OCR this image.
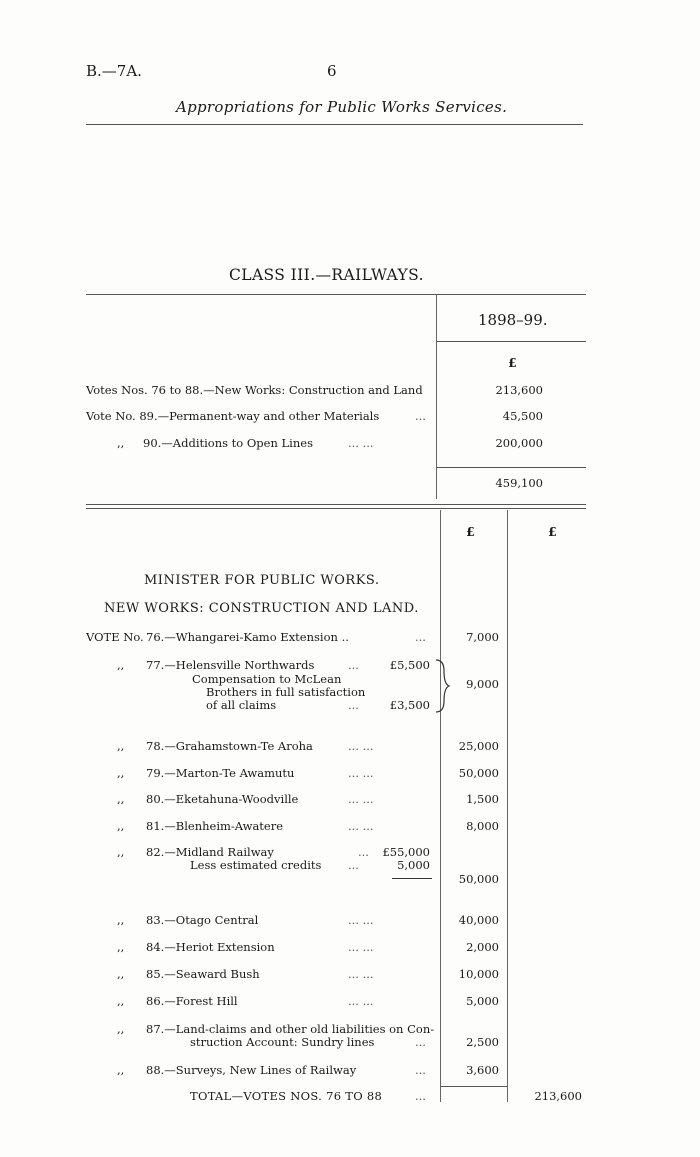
B.—7A.	6
Appropriations for Public Works Services.
CLASS III.—RAILWAYS.
1898–99.
£
Votes Nos. 76 to 88.—New Works: Construction and Land	213,600
Vote No. 89.—Permanent-way and other Materials	...	45,500
,, 90.—Additions to Open Lines	... ...	200,000
459,100
£	£
MINISTER FOR PUBLIC WORKS.
NEW WORKS: CONSTRUCTION AND LAND.
VOTE No. 76.—Whangarei-Kamo Extension ..	...	7,000
,, 77.—Helensville Northwards	...	£5,500
Compensation to McLean
Brothers in full satisfaction
of all claims	...	£3,500
9,000
,, 78.—Grahamstown-Te Aroha	... ...	25,000
,, 79.—Marton-Te Awamutu	... ...	50,000
,, 80.—Eketahuna-Woodville	... ...	1,500
,, 81.—Blenheim-Awatere	... ...	8,000
,, 82.—Midland Railway	...	£55,000
Less estimated credits ...	5,000
50,000
,, 83.—Otago Central	... ...	40,000
,, 84.—Heriot Extension	... ...	2,000
,, 85.—Seaward Bush	... ...	10,000
,, 86.—Forest Hill	... ...	5,000
,, 87.—Land-claims and other old liabilities on Con-
struction Account: Sundry lines	...	2,500
,, 88.—Surveys, New Lines of Railway	...	3,600
TOTAL—VOTES NOS. 76 TO 88	...	213,600
